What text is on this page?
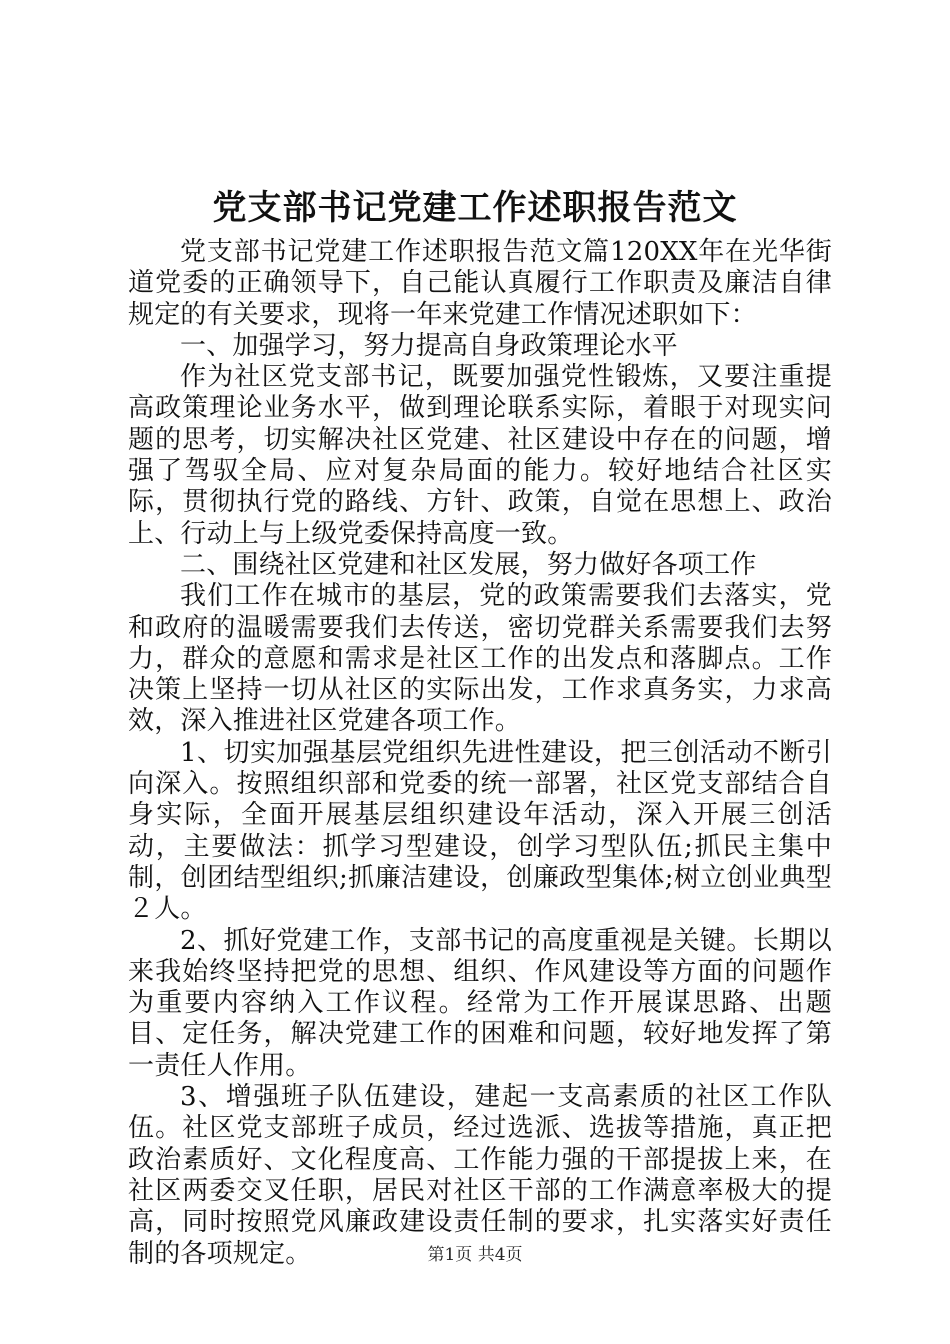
党支部书记党建工作述职报告范文

党支部书记党建工作述职报告范文篇120XX年在光华街道党委的正确领导下，自己能认真履行工作职责及廉洁自律规定的有关要求，现将一年来党建工作情况述职如下：

一、加强学习，努力提高自身政策理论水平

作为社区党支部书记，既要加强党性锻炼，又要注重提高政策理论业务水平，做到理论联系实际，着眼于对现实问题的思考，切实解决社区党建、社区建设中存在的问题，增强了驾驭全局、应对复杂局面的能力。较好地结合社区实际，贯彻执行党的路线、方针、政策，自觉在思想上、政治上、行动上与上级党委保持高度一致。

二、围绕社区党建和社区发展，努力做好各项工作

我们工作在城市的基层，党的政策需要我们去落实，党和政府的温暖需要我们去传送，密切党群关系需要我们去努力，群众的意愿和需求是社区工作的出发点和落脚点。工作决策上坚持一切从社区的实际出发，工作求真务实，力求高效，深入推进社区党建各项工作。

1、切实加强基层党组织先进性建设，把三创活动不断引向深入。按照组织部和党委的统一部署，社区党支部结合自身实际，全面开展基层组织建设年活动，深入开展三创活动，主要做法：抓学习型建设，创学习型队伍;抓民主集中制，创团结型组织;抓廉洁建设，创廉政型集体;树立创业典型２人。

2、抓好党建工作，支部书记的高度重视是关键。长期以来我始终坚持把党的思想、组织、作风建设等方面的问题作为重要内容纳入工作议程。经常为工作开展谋思路、出题目、定任务，解决党建工作的困难和问题，较好地发挥了第一责任人作用。

3、增强班子队伍建设，建起一支高素质的社区工作队伍。社区党支部班子成员，经过选派、选拔等措施，真正把政治素质好、文化程度高、工作能力强的干部提拔上来，在社区两委交叉任职，居民对社区干部的工作满意率极大的提高，同时按照党风廉政建设责任制的要求，扎实落实好责任制的各项规定。	第1页 共4页
